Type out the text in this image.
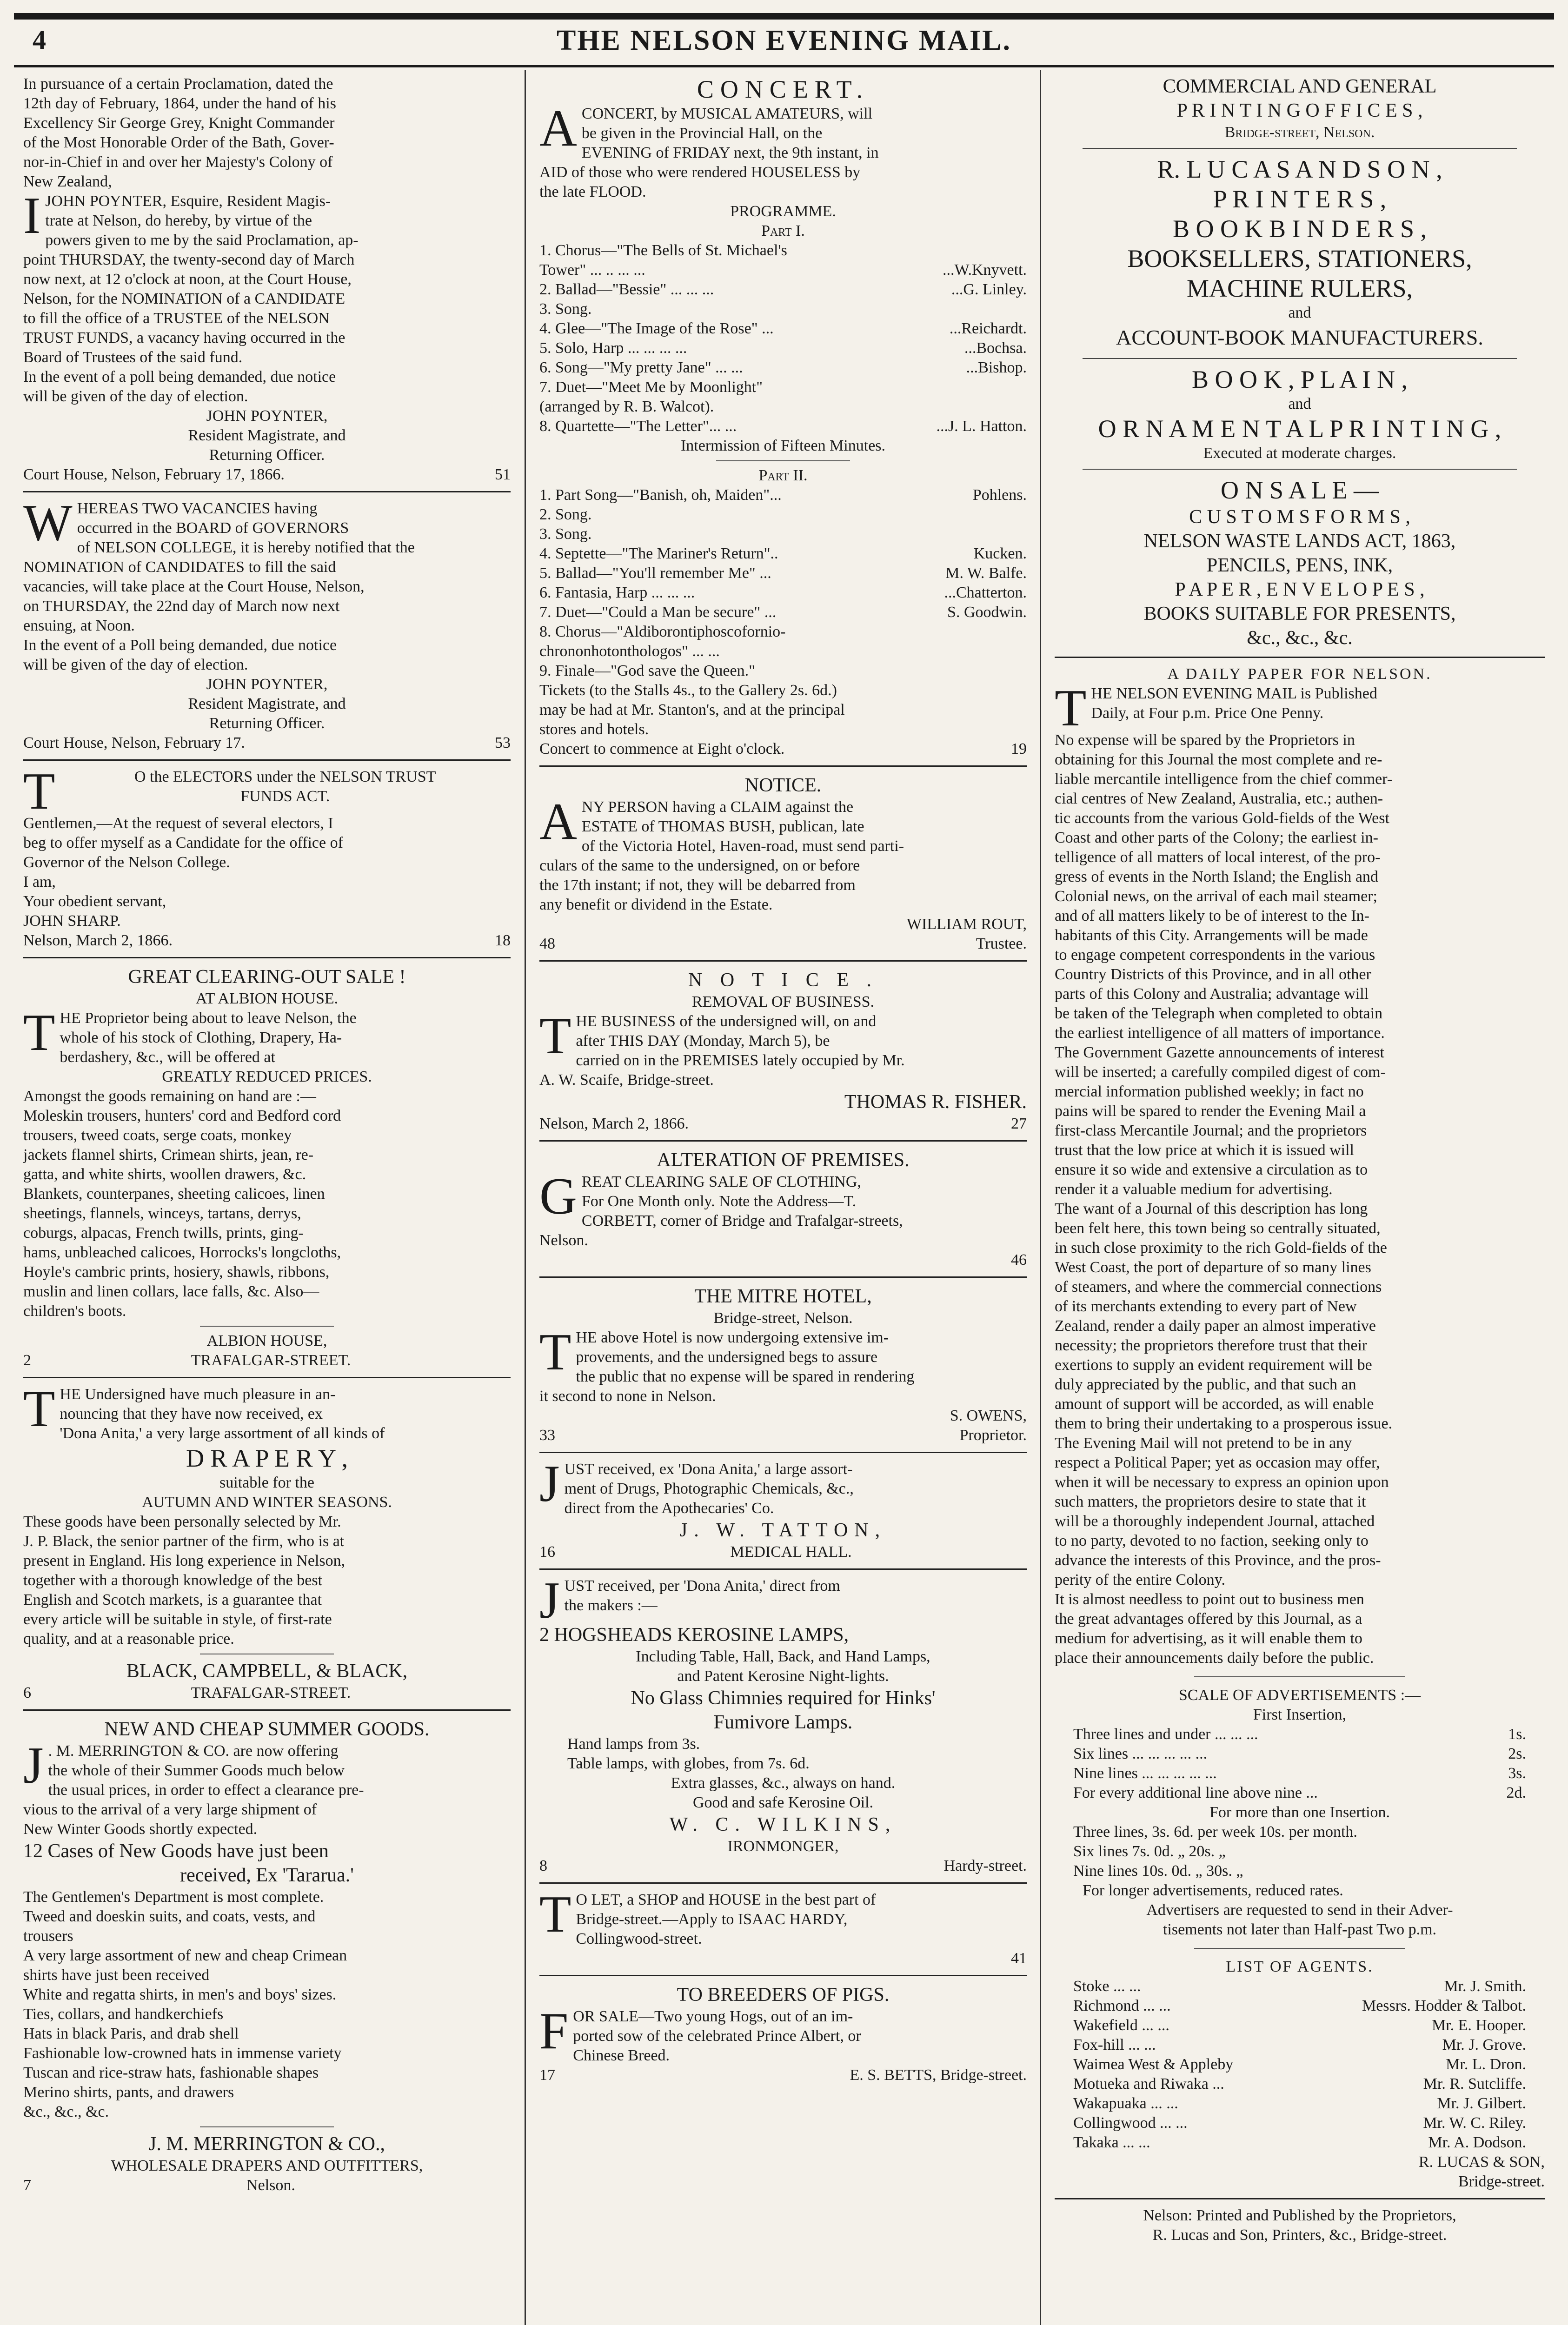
4	THE NELSON EVENING MAIL.
In pursuance of a certain Proclamation, dated the
12th day of February, 1864, under the hand of his
Excellency Sir George Grey, Knight Commander
of the Most Honorable Order of the Bath, Gover-
nor-in-Chief in and over her Majesty's Colony of
New Zealand,
I JOHN POYNTER, Esquire, Resident Magis-
trate at Nelson, do hereby, by virtue of the
powers given to me by the said Proclamation, ap-
point THURSDAY, the twenty-second day of March
now next, at 12 o'clock at noon, at the Court House,
Nelson, for the NOMINATION of a CANDIDATE
to fill the office of a TRUSTEE of the NELSON
TRUST FUNDS, a vacancy having occurred in the
Board of Trustees of the said fund.
In the event of a poll being demanded, due notice
will be given of the day of election.
JOHN POYNTER,
Resident Magistrate, and
Returning Officer.
Court House, Nelson, February 17, 1866.	51
W HEREAS TWO VACANCIES having
occurred in the BOARD of GOVERNORS
of NELSON COLLEGE, it is hereby notified that the
NOMINATION of CANDIDATES to fill the said
vacancies, will take place at the Court House, Nelson,
on THURSDAY, the 22nd day of March now next
ensuing, at Noon.
In the event of a Poll being demanded, due notice
will be given of the day of election.
JOHN POYNTER,
Resident Magistrate, and
Returning Officer.
Court House, Nelson, February 17.	53
T	O the ELECTORS under the NELSON TRUST
FUNDS ACT.
Gentlemen,—At the request of several electors, I
beg to offer myself as a Candidate for the office of
Governor of the Nelson College.
I am,
Your obedient servant,
JOHN SHARP.
Nelson, March 2, 1866.	18
GREAT CLEARING-OUT SALE !
AT ALBION HOUSE.
T HE Proprietor being about to leave Nelson, the
whole of his stock of Clothing, Drapery, Ha-
berdashery, &c., will be offered at
GREATLY REDUCED PRICES.
Amongst the goods remaining on hand are :—
Moleskin trousers, hunters' cord and Bedford cord
trousers, tweed coats, serge coats, monkey
jackets flannel shirts, Crimean shirts, jean, re-
gatta, and white shirts, woollen drawers, &c.
Blankets, counterpanes, sheeting calicoes, linen
sheetings, flannels, winceys, tartans, derrys,
coburgs, alpacas, French twills, prints, ging-
hams, unbleached calicoes, Horrocks's longcloths,
Hoyle's cambric prints, hosiery, shawls, ribbons,
muslin and linen collars, lace falls, &c. Also—
children's boots.
ALBION HOUSE,
2	TRAFALGAR-STREET.
T HE Undersigned have much pleasure in an-
nouncing that they have now received, ex
'Dona Anita,' a very large assortment of all kinds of
D R A P E R Y ,
suitable for the
AUTUMN AND WINTER SEASONS.
These goods have been personally selected by Mr.
J. P. Black, the senior partner of the firm, who is at
present in England. His long experience in Nelson,
together with a thorough knowledge of the best
English and Scotch markets, is a guarantee that
every article will be suitable in style, of first-rate
quality, and at a reasonable price.
BLACK, CAMPBELL, & BLACK,
6	TRAFALGAR-STREET.
NEW AND CHEAP SUMMER GOODS.
J . M. MERRINGTON & CO. are now offering
the whole of their Summer Goods much below
the usual prices, in order to effect a clearance pre-
vious to the arrival of a very large shipment of
New Winter Goods shortly expected.
12 Cases of New Goods have just been
received, Ex 'Tararua.'
The Gentlemen's Department is most complete.
Tweed and doeskin suits, and coats, vests, and
trousers
A very large assortment of new and cheap Crimean
shirts have just been received
White and regatta shirts, in men's and boys' sizes.
Ties, collars, and handkerchiefs
Hats in black Paris, and drab shell
Fashionable low-crowned hats in immense variety
Tuscan and rice-straw hats, fashionable shapes
Merino shirts, pants, and drawers
&c., &c., &c.
J. M. MERRINGTON & CO.,
WHOLESALE DRAPERS AND OUTFITTERS,
7	Nelson.
CONCERT.
A CONCERT, by MUSICAL AMATEURS, will
be given in the Provincial Hall, on the
EVENING of FRIDAY next, the 9th instant, in
AID of those who were rendered HOUSELESS by
the late FLOOD.
PROGRAMME.
Part I.
1. Chorus—"The Bells of St. Michael's
Tower" ... .. ... ...	...W.Knyvett.
2. Ballad—"Bessie" ... ... ...	...G. Linley.
3. Song.
4. Glee—"The Image of the Rose" ...	...Reichardt.
5. Solo, Harp ... ... ... ...	...Bochsa.
6. Song—"My pretty Jane" ... ...	...Bishop.
7. Duet—"Meet Me by Moonlight"
(arranged by R. B. Walcot).
8. Quartette—"The Letter"... ...	...J. L. Hatton.
Intermission of Fifteen Minutes.
Part II.
1. Part Song—"Banish, oh, Maiden"...	Pohlens.
2. Song.
3. Song.
4. Septette—"The Mariner's Return"..	Kucken.
5. Ballad—"You'll remember Me" ...	M. W. Balfe.
6. Fantasia, Harp ... ... ...	...Chatterton.
7. Duet—"Could a Man be secure" ...	S. Goodwin.
8. Chorus—"Aldiborontiphoscofornio-
chrononhotonthologos" ... ...
9. Finale—"God save the Queen."
Tickets (to the Stalls 4s., to the Gallery 2s. 6d.)
may be had at Mr. Stanton's, and at the principal
stores and hotels.
Concert to commence at Eight o'clock.	19
NOTICE.
A NY PERSON having a CLAIM against the
ESTATE of THOMAS BUSH, publican, late
of the Victoria Hotel, Haven-road, must send parti-
culars of the same to the undersigned, on or before
the 17th instant; if not, they will be debarred from
any benefit or dividend in the Estate.
WILLIAM ROUT,
48	Trustee.
N O T I C E .
REMOVAL OF BUSINESS.
T HE BUSINESS of the undersigned will, on and
after THIS DAY (Monday, March 5), be
carried on in the PREMISES lately occupied by Mr.
A. W. Scaife, Bridge-street.
THOMAS R. FISHER.
Nelson, March 2, 1866.	27
ALTERATION OF PREMISES.
G REAT CLEARING SALE OF CLOTHING,
For One Month only. Note the Address—T.
CORBETT, corner of Bridge and Trafalgar-streets,
Nelson.
46
THE MITRE HOTEL,
Bridge-street, Nelson.
T HE above Hotel is now undergoing extensive im-
provements, and the undersigned begs to assure
the public that no expense will be spared in rendering
it second to none in Nelson.
S. OWENS,
33	Proprietor.
J UST received, ex 'Dona Anita,' a large assort-
ment of Drugs, Photographic Chemicals, &c.,
direct from the Apothecaries' Co.
J. W. TATTON,
16	MEDICAL HALL.
J UST received, per 'Dona Anita,' direct from
the makers :—
2 HOGSHEADS KEROSINE LAMPS,
Including Table, Hall, Back, and Hand Lamps,
and Patent Kerosine Night-lights.
No Glass Chimnies required for Hinks'
Fumivore Lamps.
Hand lamps from 3s.
Table lamps, with globes, from 7s. 6d.
Extra glasses, &c., always on hand.
Good and safe Kerosine Oil.
W. C. WILKINS,
IRONMONGER,
8	Hardy-street.
T O LET, a SHOP and HOUSE in the best part of
Bridge-street.—Apply to ISAAC HARDY,
Collingwood-street.
41
TO BREEDERS OF PIGS.
F OR SALE—Two young Hogs, out of an im-
ported sow of the celebrated Prince Albert, or
Chinese Breed.
17	E. S. BETTS, Bridge-street.
COMMERCIAL AND GENERAL
P R I N T I N G O F F I C E S ,
Bridge-street, Nelson.
R. L U C A S A N D S O N ,
P R I N T E R S ,
B O O K B I N D E R S ,
BOOKSELLERS, STATIONERS,
MACHINE RULERS,
and
ACCOUNT-BOOK MANUFACTURERS.
B O O K , P L A I N ,
and
O R N A M E N T A L P R I N T I N G ,
Executed at moderate charges.
O N S A L E —
C U S T O M S F O R M S ,
NELSON WASTE LANDS ACT, 1863,
PENCILS, PENS, INK,
P A P E R , E N V E L O P E S ,
BOOKS SUITABLE FOR PRESENTS,
&c., &c., &c.
A DAILY PAPER FOR NELSON.
T HE NELSON EVENING MAIL is Published
Daily, at Four p.m. Price One Penny.
No expense will be spared by the Proprietors in
obtaining for this Journal the most complete and re-
liable mercantile intelligence from the chief commer-
cial centres of New Zealand, Australia, etc.; authen-
tic accounts from the various Gold-fields of the West
Coast and other parts of the Colony; the earliest in-
telligence of all matters of local interest, of the pro-
gress of events in the North Island; the English and
Colonial news, on the arrival of each mail steamer;
and of all matters likely to be of interest to the In-
habitants of this City. Arrangements will be made
to engage competent correspondents in the various
Country Districts of this Province, and in all other
parts of this Colony and Australia; advantage will
be taken of the Telegraph when completed to obtain
the earliest intelligence of all matters of importance.
The Government Gazette announcements of interest
will be inserted; a carefully compiled digest of com-
mercial information published weekly; in fact no
pains will be spared to render the Evening Mail a
first-class Mercantile Journal; and the proprietors
trust that the low price at which it is issued will
ensure it so wide and extensive a circulation as to
render it a valuable medium for advertising.
The want of a Journal of this description has long
been felt here, this town being so centrally situated,
in such close proximity to the rich Gold-fields of the
West Coast, the port of departure of so many lines
of steamers, and where the commercial connections
of its merchants extending to every part of New
Zealand, render a daily paper an almost imperative
necessity; the proprietors therefore trust that their
exertions to supply an evident requirement will be
duly appreciated by the public, and that such an
amount of support will be accorded, as will enable
them to bring their undertaking to a prosperous issue.
The Evening Mail will not pretend to be in any
respect a Political Paper; yet as occasion may offer,
when it will be necessary to express an opinion upon
such matters, the proprietors desire to state that it
will be a thoroughly independent Journal, attached
to no party, devoted to no faction, seeking only to
advance the interests of this Province, and the pros-
perity of the entire Colony.
It is almost needless to point out to business men
the great advantages offered by this Journal, as a
medium for advertising, as it will enable them to
place their announcements daily before the public.
SCALE OF ADVERTISEMENTS :—
First Insertion,
Three lines and under ... ... ...	1s.
Six lines ... ... ... ... ...	2s.
Nine lines ... ... ... ... ...	3s.
For every additional line above nine ...	2d.
For more than one Insertion.
Three lines, 3s. 6d. per week 10s. per month.
Six lines 7s. 0d. „ 20s. „
Nine lines 10s. 0d. „ 30s. „
For longer advertisements, reduced rates.
Advertisers are requested to send in their Adver-
tisements not later than Half-past Two p.m.
LIST OF AGENTS.
Stoke ... ...	Mr. J. Smith.
Richmond ... ...	Messrs. Hodder & Talbot.
Wakefield ... ...	Mr. E. Hooper.
Fox-hill ... ...	Mr. J. Grove.
Waimea West & Appleby	Mr. L. Dron.
Motueka and Riwaka ...	Mr. R. Sutcliffe.
Wakapuaka ... ...	Mr. J. Gilbert.
Collingwood ... ...	Mr. W. C. Riley.
Takaka ... ...	Mr. A. Dodson.
R. LUCAS & SON,
Bridge-street.
Nelson: Printed and Published by the Proprietors,
R. Lucas and Son, Printers, &c., Bridge-street.
